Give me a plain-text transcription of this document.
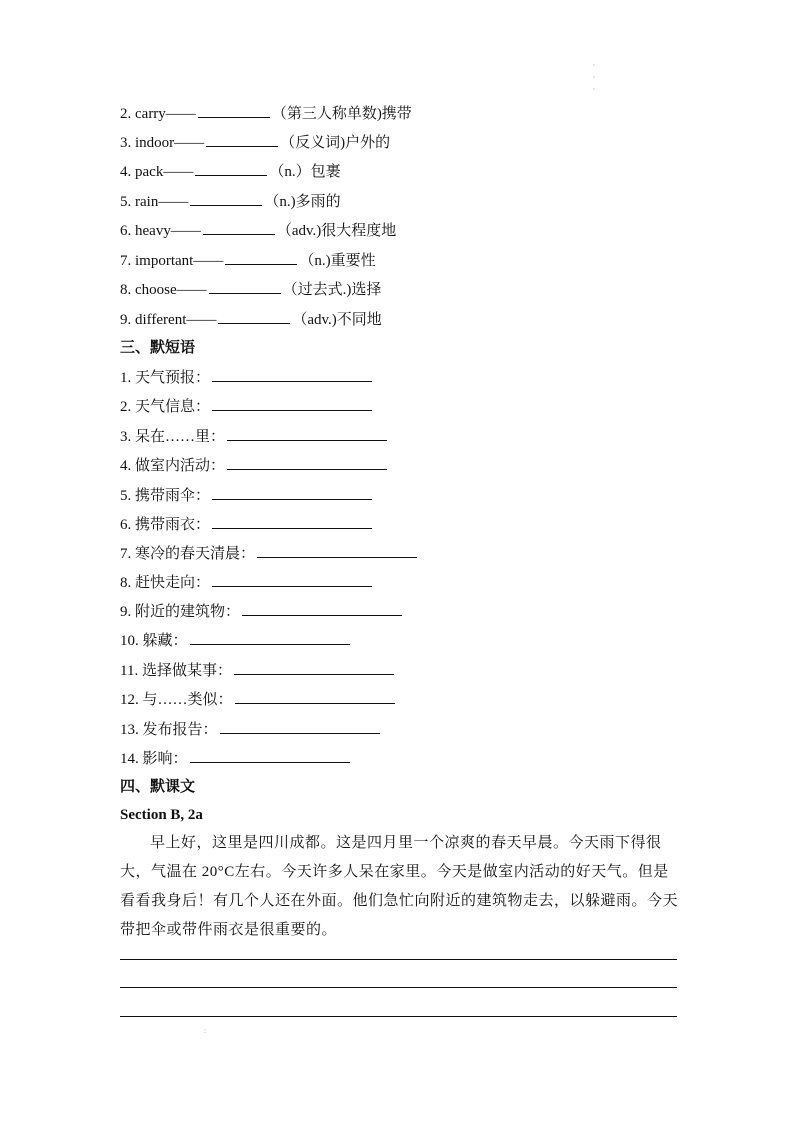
·
·
·
2. carry——	（第三人称单数)携带
3. indoor——	（反义词)户外的
4. pack——	（n.）包裹
5. rain——	（n.)多雨的
6. heavy——	（adv.)很大程度地
7. important——	（n.)重要性
8. choose——	（过去式.)选择
9. different——	（adv.)不同地
三、默短语
1. 天气预报：
2. 天气信息：
3. 呆在……里：
4. 做室内活动：
5. 携带雨伞：
6. 携带雨衣：
7. 寒冷的春天清晨：
8. 赶快走向：
9. 附近的建筑物：
10. 躲藏：
11. 选择做某事：
12. 与……类似：
13. 发布报告：
14. 影响：
四、默课文
Section B, 2a
早上好，这里是四川成都。这是四月里一个凉爽的春天早晨。今天雨下得很大，气温在 20°C左右。今天许多人呆在家里。今天是做室内活动的好天气。但是看看我身后！有几个人还在外面。他们急忙向附近的建筑物走去，以躲避雨。今天带把伞或带件雨衣是很重要的。
:
